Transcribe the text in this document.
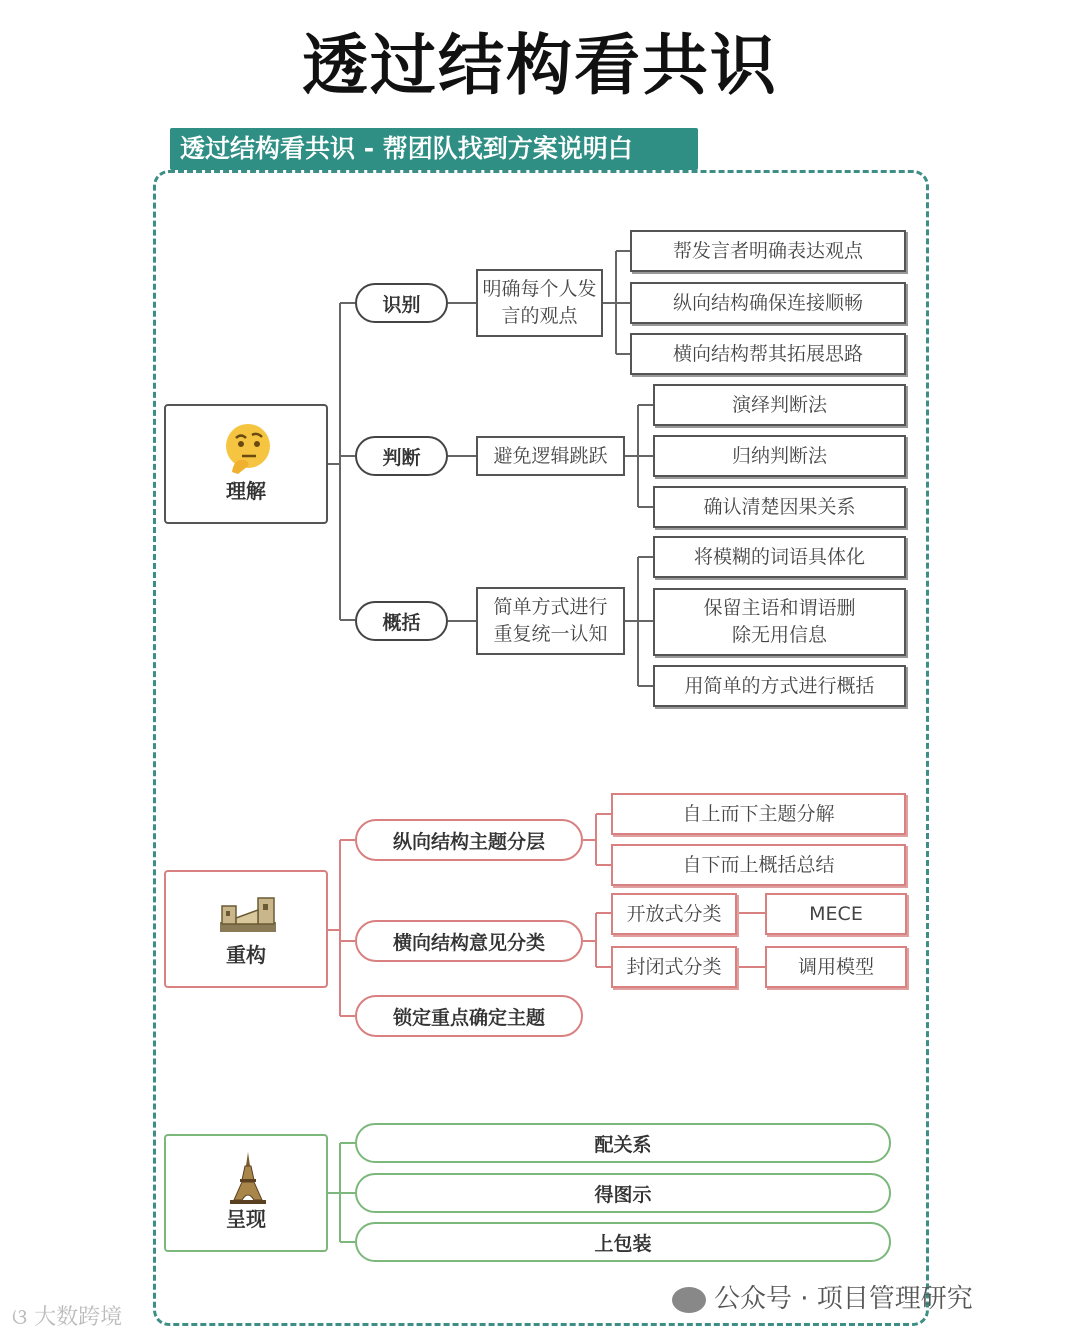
透过结构看共识
透过结构看共识 - 帮团队找到方案说明白
理解
识别
明确每个人发言的观点
帮发言者明确表达观点
纵向结构确保连接顺畅
横向结构帮其拓展思路
判断	避免逻辑跳跃
演绎判断法
归纳判断法
确认清楚因果关系
概括
简单方式进行重复统一认知
将模糊的词语具体化
保留主语和谓语删除无用信息
用简单的方式进行概括
重构
纵向结构主题分层
自上而下主题分解
自下而上概括总结
横向结构意见分类
开放式分类	MECE
封闭式分类	调用模型
锁定重点确定主题
呈现
配关系
得图示
上包装
ଓ 大数跨境
公众号 · 项目管理研究
